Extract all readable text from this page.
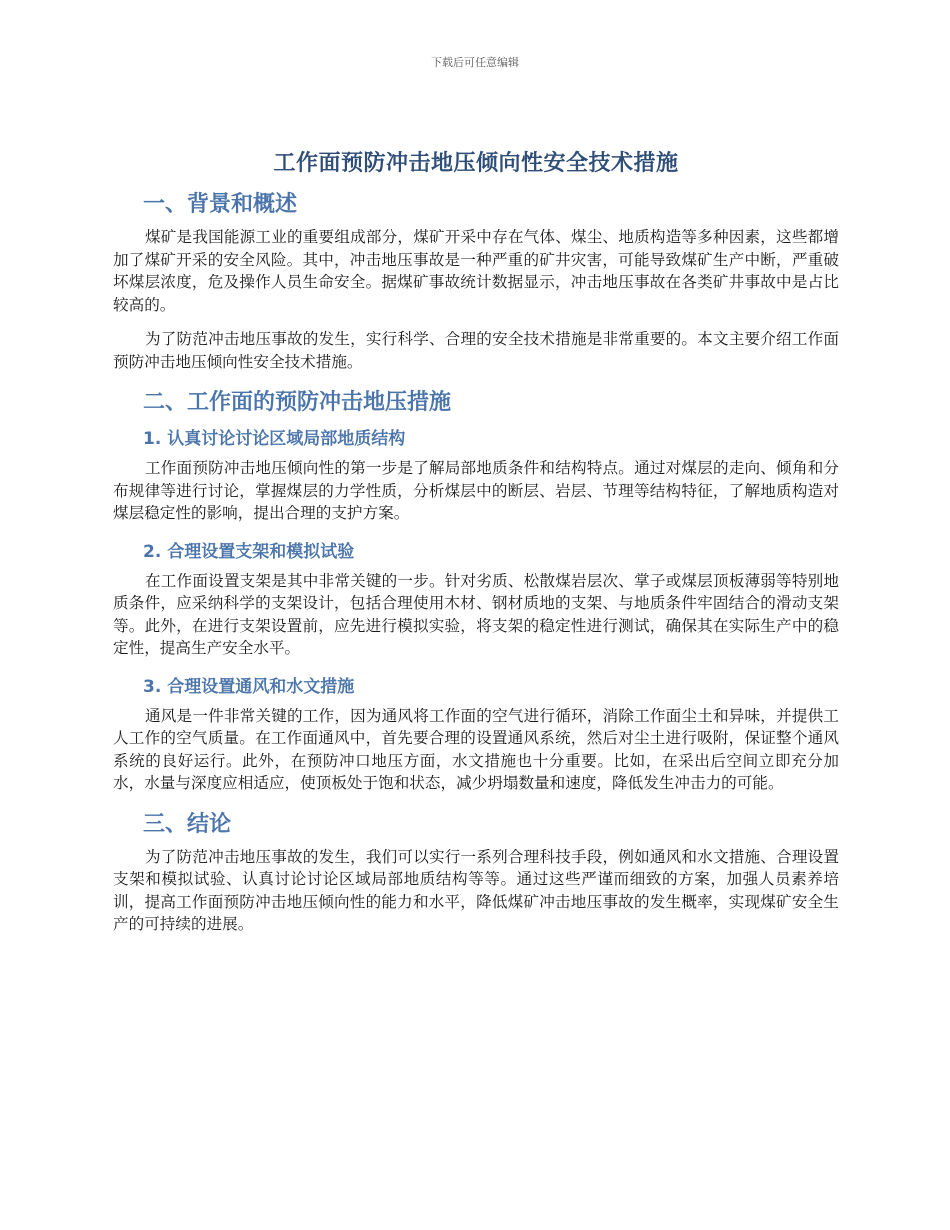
下载后可任意编辑
工作面预防冲击地压倾向性安全技术措施
一、背景和概述

煤矿是我国能源工业的重要组成部分，煤矿开采中存在气体、煤尘、地质构造等多种因素，这些都增加了煤矿开采的安全风险。其中，冲击地压事故是一种严重的矿井灾害，可能导致煤矿生产中断，严重破坏煤层浓度，危及操作人员生命安全。据煤矿事故统计数据显示，冲击地压事故在各类矿井事故中是占比较高的。

为了防范冲击地压事故的发生，实行科学、合理的安全技术措施是非常重要的。本文主要介绍工作面预防冲击地压倾向性安全技术措施。

二、工作面的预防冲击地压措施
1. 认真讨论讨论区域局部地质结构

工作面预防冲击地压倾向性的第一步是了解局部地质条件和结构特点。通过对煤层的走向、倾角和分布规律等进行讨论，掌握煤层的力学性质，分析煤层中的断层、岩层、节理等结构特征，了解地质构造对煤层稳定性的影响，提出合理的支护方案。

2. 合理设置支架和模拟试验

在工作面设置支架是其中非常关键的一步。针对劣质、松散煤岩层次、掌子或煤层顶板薄弱等特别地质条件，应采纳科学的支架设计，包括合理使用木材、钢材质地的支架、与地质条件牢固结合的滑动支架等。此外，在进行支架设置前，应先进行模拟实验，将支架的稳定性进行测试，确保其在实际生产中的稳定性，提高生产安全水平。

3. 合理设置通风和水文措施

通风是一件非常关键的工作，因为通风将工作面的空气进行循环，消除工作面尘土和异味，并提供工人工作的空气质量。在工作面通风中，首先要合理的设置通风系统，然后对尘土进行吸附，保证整个通风系统的良好运行。此外，在预防冲口地压方面，水文措施也十分重要。比如，在采出后空间立即充分加水，水量与深度应相适应，使顶板处于饱和状态，减少坍塌数量和速度，降低发生冲击力的可能。

三、结论

为了防范冲击地压事故的发生，我们可以实行一系列合理科技手段，例如通风和水文措施、合理设置支架和模拟试验、认真讨论讨论区域局部地质结构等等。通过这些严谨而细致的方案，加强人员素养培训，提高工作面预防冲击地压倾向性的能力和水平，降低煤矿冲击地压事故的发生概率，实现煤矿安全生产的可持续的进展。
